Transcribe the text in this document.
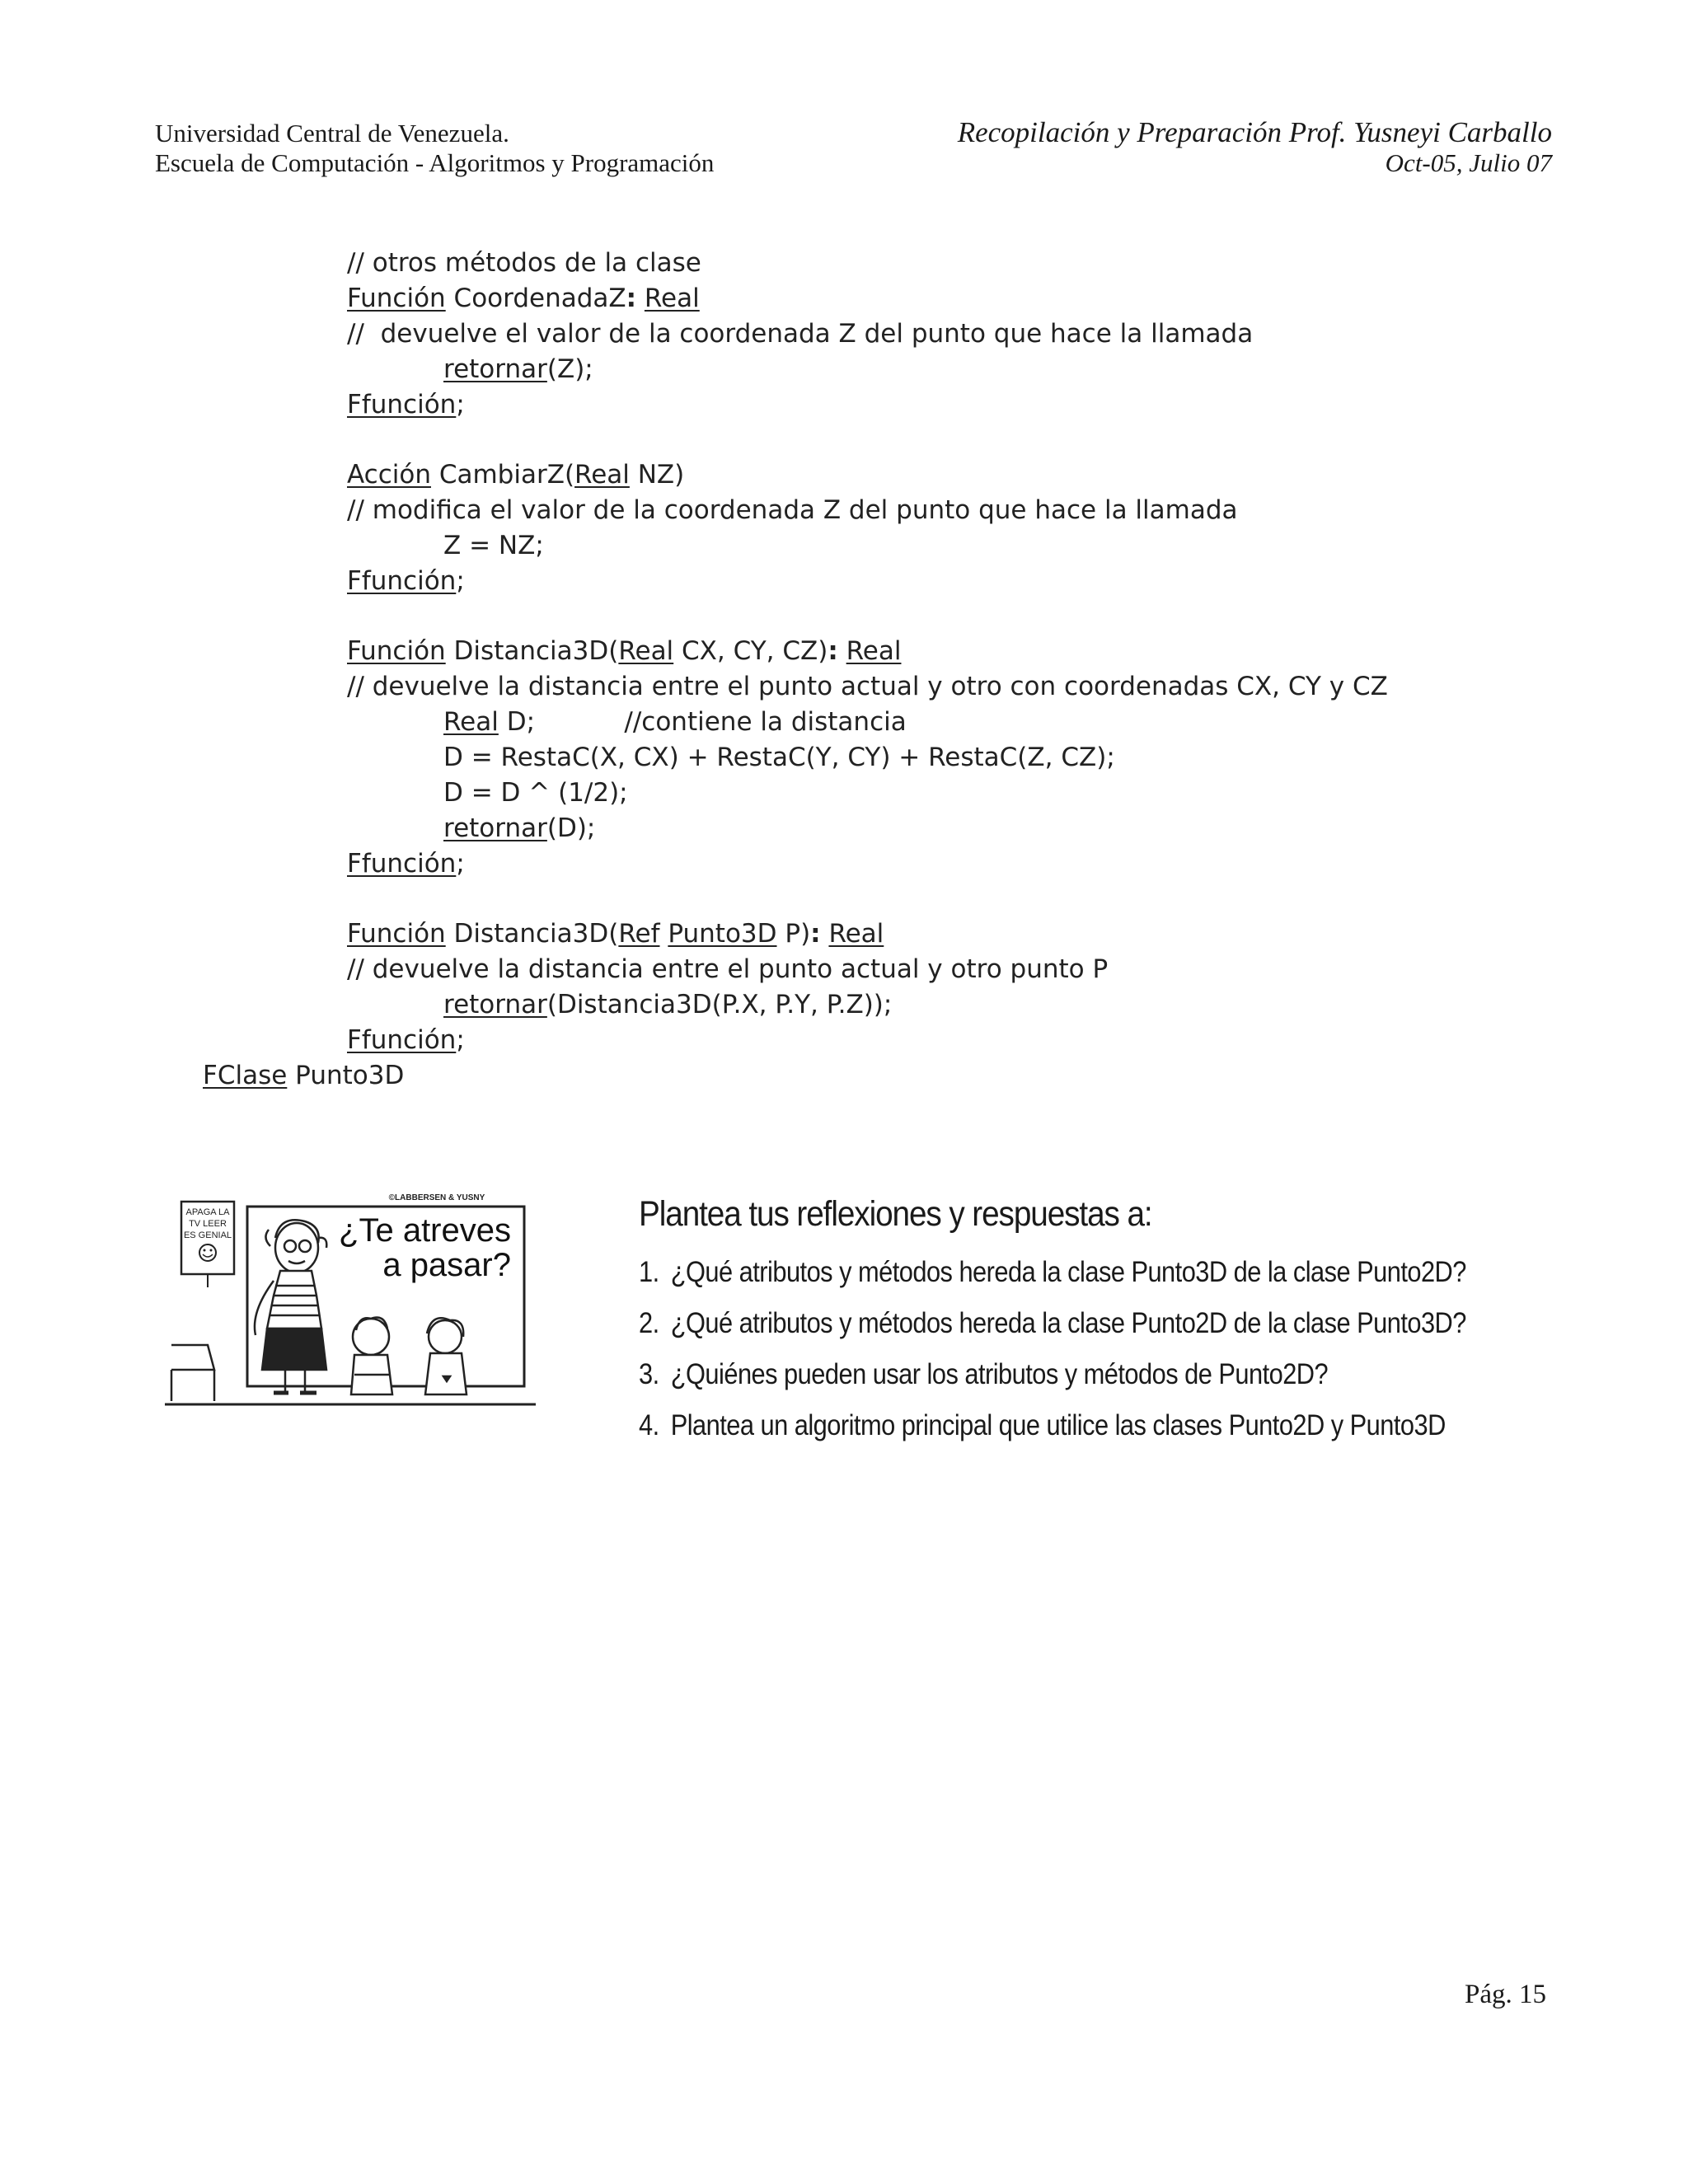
Universidad Central de Venezuela.
Escuela de Computación - Algoritmos y Programación
Recopilación y Preparación Prof. Yusneyi Carballo
Oct-05, Julio 07
// otros métodos de la clase
Función CoordenadaZ: Real
//  devuelve el valor de la coordenada Z del punto que hace la llamada
retornar(Z);
Ffunción;
Acción CambiarZ(Real NZ)
// modifica el valor de la coordenada Z del punto que hace la llamada
Z = NZ;
Ffunción;
Función Distancia3D(Real CX, CY, CZ): Real
// devuelve la distancia entre el punto actual y otro con coordenadas CX, CY y CZ
Real D;           //contiene la distancia
D = RestaC(X, CX) + RestaC(Y, CY) + RestaC(Z, CZ);
D = D ^ (1/2);
retornar(D);
Ffunción;
Función Distancia3D(Ref Punto3D P): Real
// devuelve la distancia entre el punto actual y otro punto P
retornar(Distancia3D(P.X, P.Y, P.Z));
Ffunción;
FClase Punto3D
APAGA LA
TV LEER
ES GENIAL
©LABBERSEN & YUSNY
¿Te atreves
a pasar?
Plantea tus reflexiones y respuestas a:
1. ¿Qué atributos y métodos hereda la clase Punto3D de la clase Punto2D?
2. ¿Qué atributos y métodos hereda la clase Punto2D de la clase Punto3D?
3. ¿Quiénes pueden usar los atributos y métodos de Punto2D?
4. Plantea un algoritmo principal que utilice las clases Punto2D y Punto3D
Pág. 15
